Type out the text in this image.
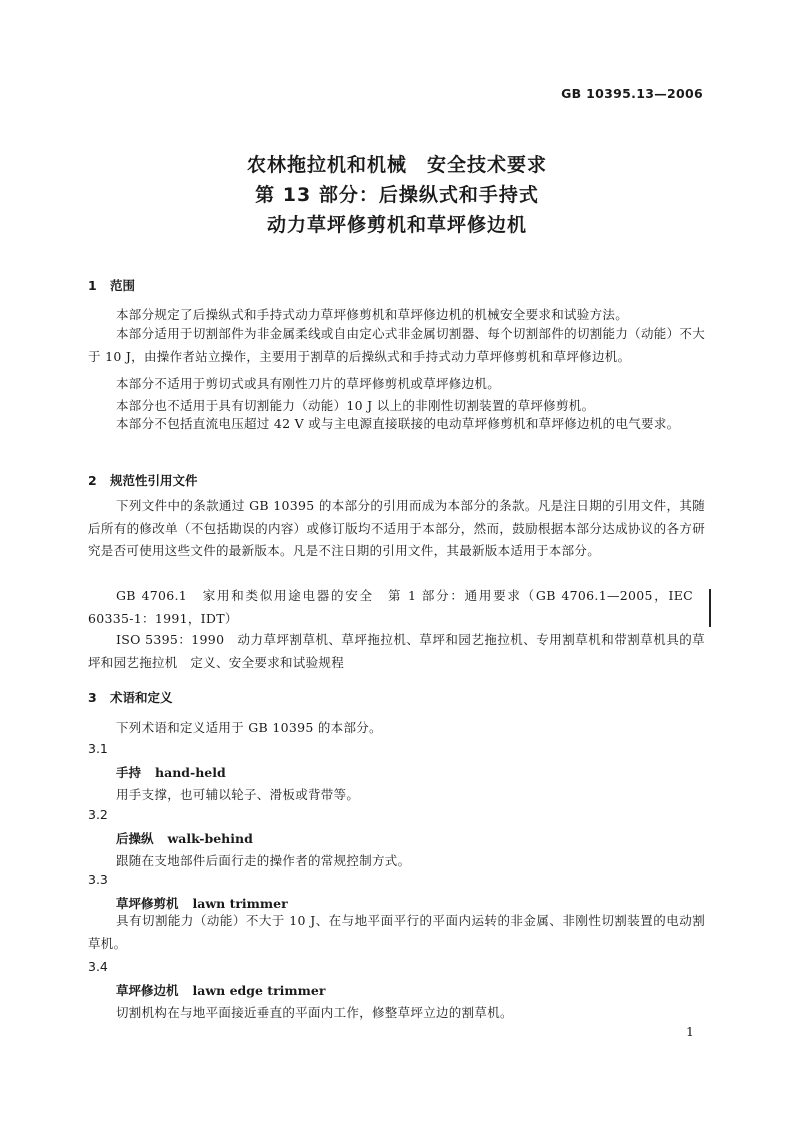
GB 10395.13—2006
农林拖拉机和机械　安全技术要求
第 13 部分：后操纵式和手持式
动力草坪修剪机和草坪修边机
1 范围
本部分规定了后操纵式和手持式动力草坪修剪机和草坪修边机的机械安全要求和试验方法。
本部分适用于切割部件为非金属柔线或自由定心式非金属切割器、每个切割部件的切割能力（动能）不大于 10 J，由操作者站立操作，主要用于割草的后操纵式和手持式动力草坪修剪机和草坪修边机。
本部分不适用于剪切式或具有刚性刀片的草坪修剪机或草坪修边机。
本部分也不适用于具有切割能力（动能）10 J 以上的非刚性切割装置的草坪修剪机。
本部分不包括直流电压超过 42 V 或与主电源直接联接的电动草坪修剪机和草坪修边机的电气要求。
2 规范性引用文件
下列文件中的条款通过 GB 10395 的本部分的引用而成为本部分的条款。凡是注日期的引用文件，其随后所有的修改单（不包括勘误的内容）或修订版均不适用于本部分，然而，鼓励根据本部分达成协议的各方研究是否可使用这些文件的最新版本。凡是不注日期的引用文件，其最新版本适用于本部分。
GB 4706.1　家用和类似用途电器的安全　第 1 部分：通用要求（GB 4706.1—2005，IEC 60335-1：1991，IDT）
ISO 5395：1990　动力草坪割草机、草坪拖拉机、草坪和园艺拖拉机、专用割草机和带割草机具的草坪和园艺拖拉机　定义、安全要求和试验规程
3 术语和定义
下列术语和定义适用于 GB 10395 的本部分。
3.1
手持 hand-held
用手支撑，也可辅以轮子、滑板或背带等。
3.2
后操纵 walk-behind
跟随在支地部件后面行走的操作者的常规控制方式。
3.3
草坪修剪机 lawn trimmer
具有切割能力（动能）不大于 10 J、在与地平面平行的平面内运转的非金属、非刚性切割装置的电动割草机。
3.4
草坪修边机 lawn edge trimmer
切割机构在与地平面接近垂直的平面内工作，修整草坪立边的割草机。
1
